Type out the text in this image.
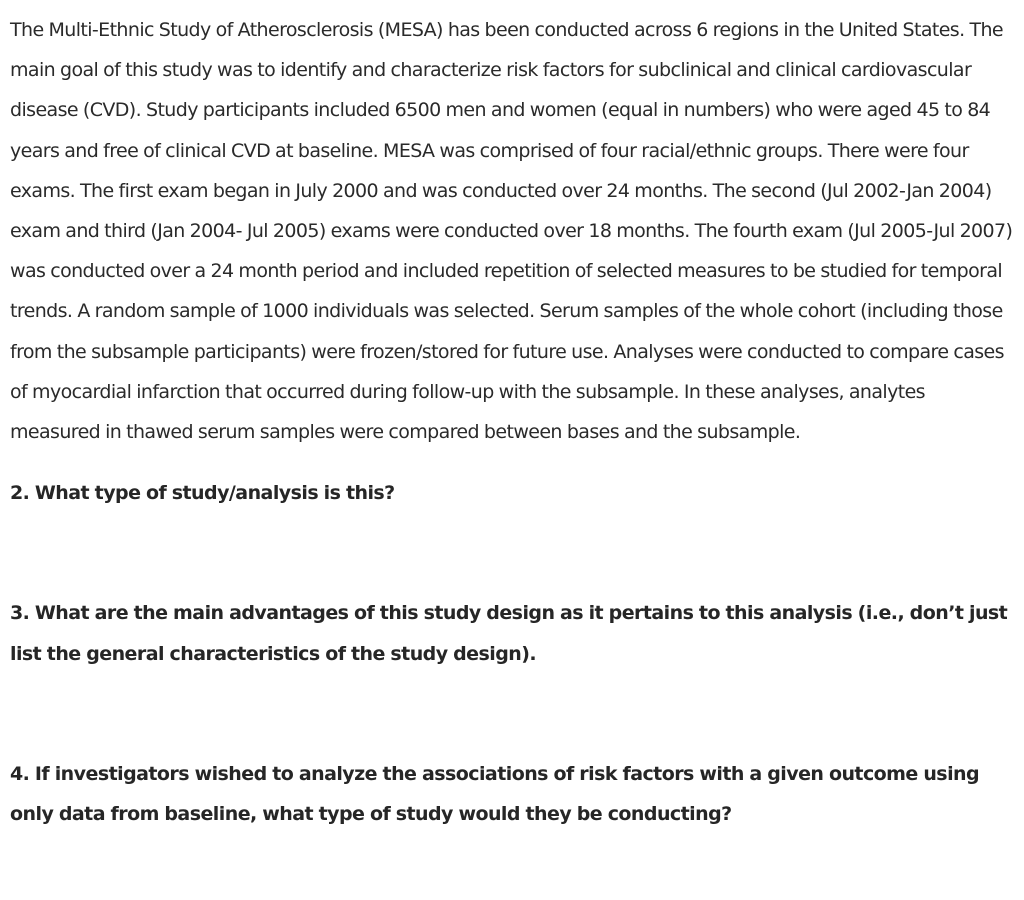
The Multi-Ethnic Study of Atherosclerosis (MESA) has been conducted across 6 regions in the United States. The main goal of this study was to identify and characterize risk factors for subclinical and clinical cardiovascular disease (CVD). Study participants included 6500 men and women (equal in numbers) who were aged 45 to 84 years and free of clinical CVD at baseline. MESA was comprised of four racial/ethnic groups. There were four exams. The first exam began in July 2000 and was conducted over 24 months. The second (Jul 2002-Jan 2004) exam and third (Jan 2004- Jul 2005) exams were conducted over 18 months. The fourth exam (Jul 2005-Jul 2007) was conducted over a 24 month period and included repetition of selected measures to be studied for temporal trends. A random sample of 1000 individuals was selected. Serum samples of the whole cohort (including those from the subsample participants) were frozen/stored for future use. Analyses were conducted to compare cases of myocardial infarction that occurred during follow-up with the subsample. In these analyses, analytes measured in thawed serum samples were compared between bases and the subsample.

2. What type of study/analysis is this?

3. What are the main advantages of this study design as it pertains to this analysis (i.e., don’t just list the general characteristics of the study design).

4. If investigators wished to analyze the associations of risk factors with a given outcome using only data from baseline, what type of study would they be conducting?
